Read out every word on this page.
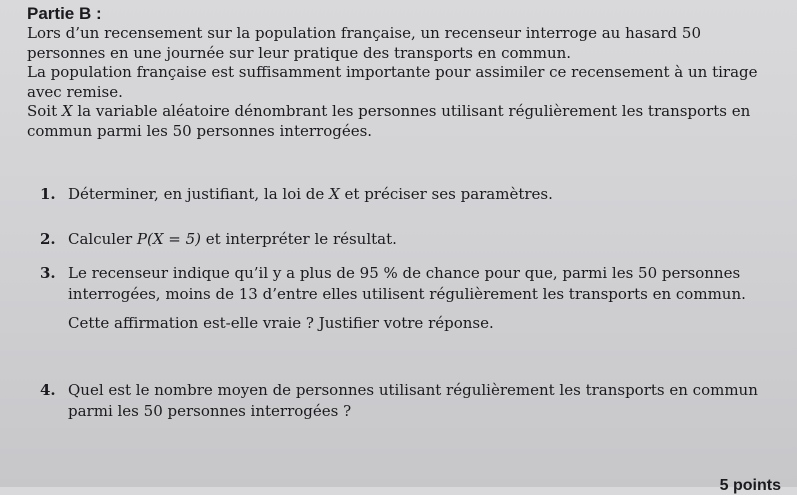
Partie B :

Lors d’un recensement sur la population française, un recenseur interroge au hasard 50 personnes en une journée sur leur pratique des transports en commun.

La population française est suffisamment importante pour assimiler ce recensement à un tirage avec remise.

Soit X la variable aléatoire dénombrant les personnes utilisant régulièrement les transports en commun parmi les 50 personnes interrogées.

1. Déterminer, en justifiant, la loi de X et préciser ses paramètres.

2. Calculer P(X = 5) et interpréter le résultat.

3. Le recenseur indique qu’il y a plus de 95 % de chance pour que, parmi les 50 personnes interrogées, moins de 13 d’entre elles utilisent régulièrement les transports en commun.

Cette affirmation est-elle vraie ? Justifier votre réponse.

4. Quel est le nombre moyen de personnes utilisant régulièrement les transports en commun parmi les 50 personnes interrogées ?

5 points
